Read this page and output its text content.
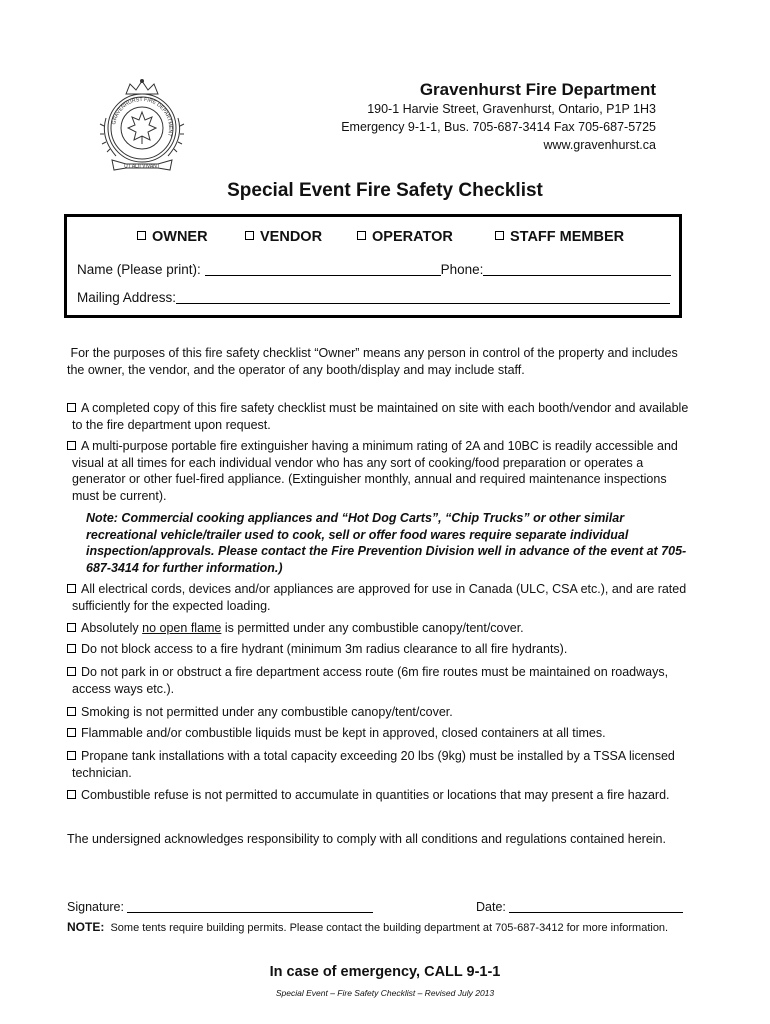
GRAVENHURST FIRE DEPARTMENT
UT ALII VIVANT
Gravenhurst Fire Department
190-1 Harvie Street, Gravenhurst, Ontario, P1P 1H3
Emergency 9-1-1, Bus. 705-687-3414 Fax 705-687-5725
www.gravenhurst.ca
Special Event Fire Safety Checklist
OWNER	VENDOR	OPERATOR	STAFF MEMBER
Name (Please print):	Phone:
Mailing Address:
For the purposes of this fire safety checklist “Owner” means any person in control of the property and includes
the owner, the vendor, and the operator of any booth/display and may include staff.
A completed copy of this fire safety checklist must be maintained on site with each booth/vendor and available
to the fire department upon request.
A multi-purpose portable fire extinguisher having a minimum rating of 2A and 10BC is readily accessible and
visual at all times for each individual vendor who has any sort of cooking/food preparation or operates a
generator or other fuel-fired appliance. (Extinguisher monthly, annual and required maintenance inspections
must be current).
Note: Commercial cooking appliances and “Hot Dog Carts”, “Chip Trucks” or other similar
recreational vehicle/trailer used to cook, sell or offer food wares require separate individual
inspection/approvals. Please contact the Fire Prevention Division well in advance of the event at 705-
687-3414 for further information.)
All electrical cords, devices and/or appliances are approved for use in Canada (ULC, CSA etc.), and are rated
sufficiently for the expected loading.
Absolutely no open flame is permitted under any combustible canopy/tent/cover.
Do not block access to a fire hydrant (minimum 3m radius clearance to all fire hydrants).
Do not park in or obstruct a fire department access route (6m fire routes must be maintained on roadways,
access ways etc.).
Smoking is not permitted under any combustible canopy/tent/cover.
Flammable and/or combustible liquids must be kept in approved, closed containers at all times.
Propane tank installations with a total capacity exceeding 20 lbs (9kg) must be installed by a TSSA licensed
technician.
Combustible refuse is not permitted to accumulate in quantities or locations that may present a fire hazard.
The undersigned acknowledges responsibility to comply with all conditions and regulations contained herein.
Signature:	Date:
NOTE:  Some tents require building permits. Please contact the building department at 705-687-3412 for more information.
In case of emergency, CALL 9-1-1
Special Event – Fire Safety Checklist – Revised July 2013
